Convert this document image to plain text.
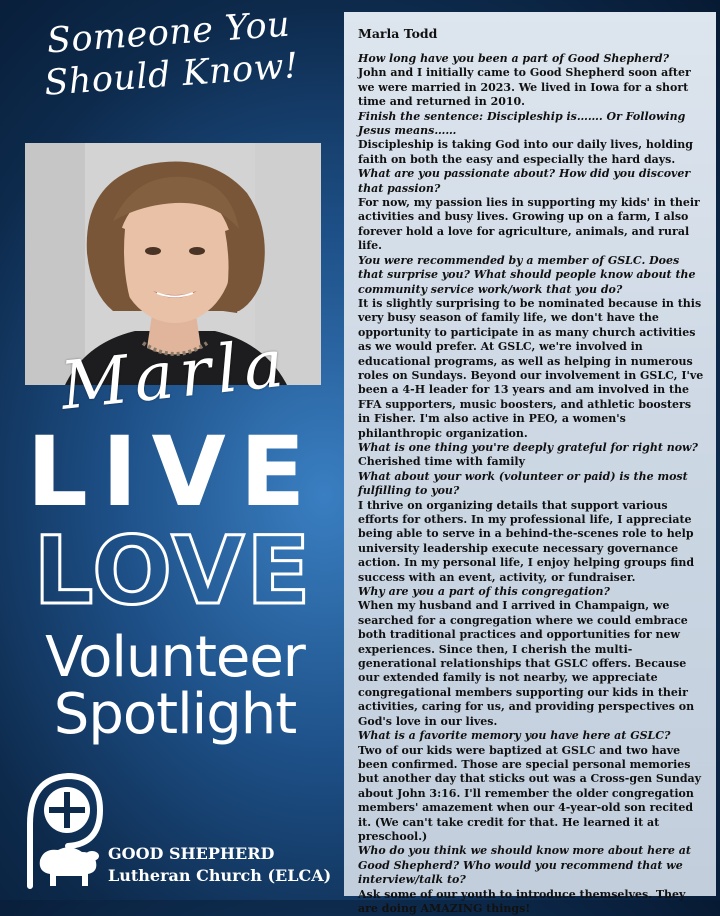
Someone You
Should Know!
Marla
LIVE
LOVE
Volunteer
Spotlight
GOOD SHEPHERD
Lutheran Church (ELCA)
Marla Todd

How long have you been a part of Good Shepherd?

John and I initially came to Good Shepherd soon after we were married in 2023. We lived in Iowa for a short time and returned in 2010.

Finish the sentence: Discipleship is……. Or Following Jesus means……

Discipleship is taking God into our daily lives, holding faith on both the easy and especially the hard days.

What are you passionate about? How did you discover that passion?

For now, my passion lies in supporting my kids' in their activities and busy lives. Growing up on a farm, I also forever hold a love for agriculture, animals, and rural life.

You were recommended by a member of GSLC. Does that surprise you? What should people know about the community service work/work that you do?

It is slightly surprising to be nominated because in this very busy season of family life, we don't have the opportunity to participate in as many church activities as we would prefer. At GSLC, we're involved in educational programs, as well as helping in numerous roles on Sundays. Beyond our involvement in GSLC, I've been a 4-H leader for 13 years and am involved in the FFA supporters, music boosters, and athletic boosters in Fisher. I'm also active in PEO, a women's philanthropic organization.

What is one thing you're deeply grateful for right now?

Cherished time with family

What about your work (volunteer or paid) is the most fulfilling to you?

I thrive on organizing details that support various efforts for others. In my professional life, I appreciate being able to serve in a behind-the-scenes role to help university leadership execute necessary governance action. In my personal life, I enjoy helping groups find success with an event, activity, or fundraiser.

Why are you a part of this congregation?

When my husband and I arrived in Champaign, we searched for a congregation where we could embrace both traditional practices and opportunities for new experiences. Since then, I cherish the multi-generational relationships that GSLC offers. Because our extended family is not nearby, we appreciate congregational members supporting our kids in their activities, caring for us, and providing perspectives on God's love in our lives.

What is a favorite memory you have here at GSLC?

Two of our kids were baptized at GSLC and two have been confirmed. Those are special personal memories but another day that sticks out was a Cross-gen Sunday about John 3:16. I'll remember the older congregation members' amazement when our 4-year-old son recited it. (We can't take credit for that. He learned it at preschool.)

Who do you think we should know more about here at Good Shepherd? Who would you recommend that we interview/talk to?

Ask some of our youth to introduce themselves. They are doing AMAZING things!
